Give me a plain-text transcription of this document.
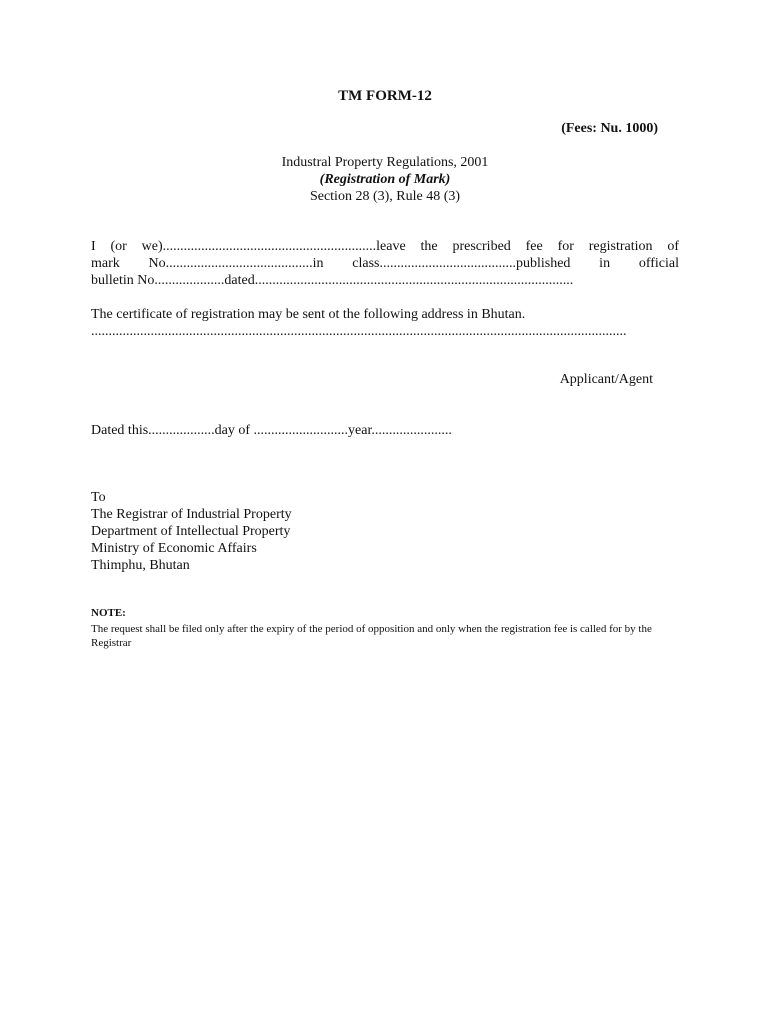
TM FORM-12
(Fees: Nu. 1000)
Industral Property Regulations, 2001
(Registration of Mark)
Section 28 (3), Rule 48 (3)
I (or we).............................................................leave the prescribed fee for registration of
mark No..........................................in class.......................................published in official
bulletin No....................dated...........................................................................................
The certificate of registration may be sent ot the following address in Bhutan.
.........................................................................................................................................................
Applicant/Agent
Dated this...................day of ...........................year.......................
To
The Registrar of Industrial Property
Department of Intellectual Property
Ministry of Economic Affairs
Thimphu, Bhutan
NOTE:
The request shall be filed only after the expiry of the period of opposition and only when the registration fee is called for by the Registrar
